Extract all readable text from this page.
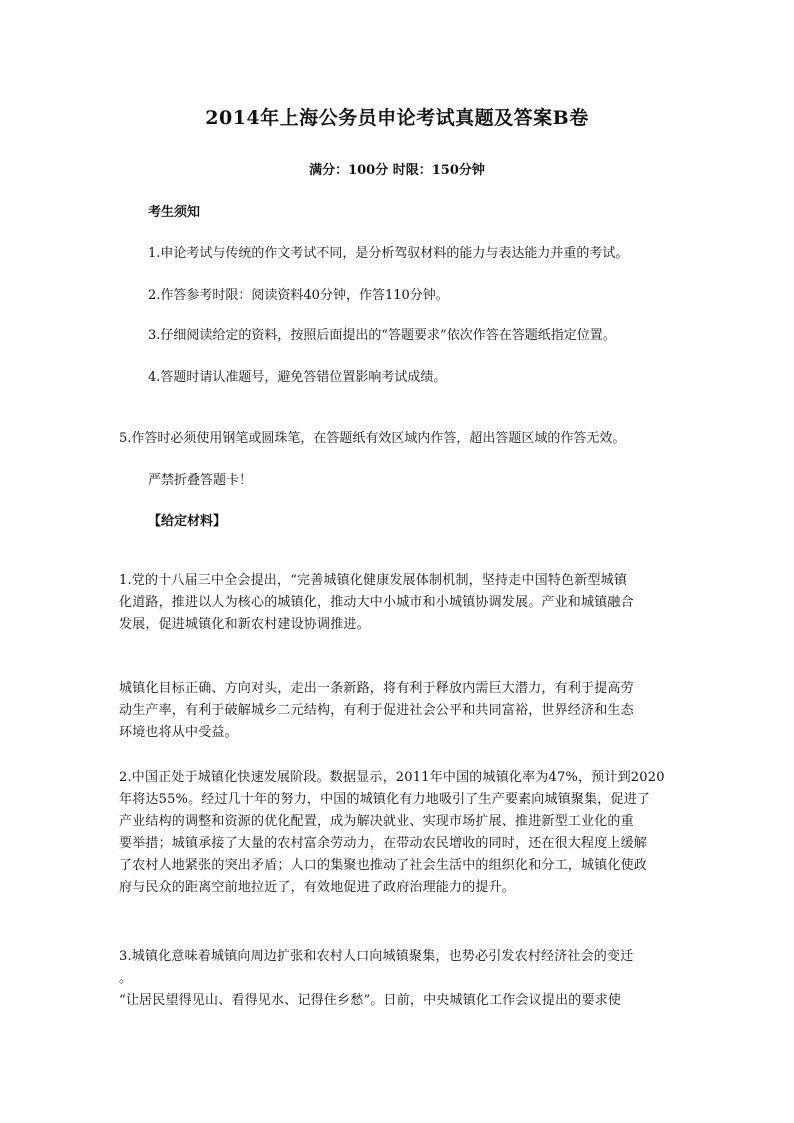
2014年上海公务员申论考试真题及答案B卷
满分：100分 时限：150分钟
考生须知
1.申论考试与传统的作文考试不同，是分析驾驭材料的能力与表达能力并重的考试。
2.作答参考时限：阅读资料40分钟，作答110分钟。
3.仔细阅读给定的资料，按照后面提出的“答题要求”依次作答在答题纸指定位置。
4.答题时请认准题号，避免答错位置影响考试成绩。
5.作答时必须使用钢笔或圆珠笔，在答题纸有效区域内作答，超出答题区域的作答无效。
严禁折叠答题卡！
【给定材料】
1.党的十八届三中全会提出，“完善城镇化健康发展体制机制，坚持走中国特色新型城镇
化道路，推进以人为核心的城镇化，推动大中小城市和小城镇协调发展。产业和城镇融合
发展，促进城镇化和新农村建设协调推进。
城镇化目标正确、方向对头，走出一条新路，将有利于释放内需巨大潜力，有利于提高劳
动生产率，有利于破解城乡二元结构，有利于促进社会公平和共同富裕，世界经济和生态
环境也将从中受益。
2.中国正处于城镇化快速发展阶段。数据显示，2011年中国的城镇化率为47%，预计到2020
年将达55%。经过几十年的努力，中国的城镇化有力地吸引了生产要素向城镇聚集，促进了
产业结构的调整和资源的优化配置，成为解决就业、实现市场扩展、推进新型工业化的重
要举措；城镇承接了大量的农村富余劳动力，在带动农民增收的同时，还在很大程度上缓解
了农村人地紧张的突出矛盾；人口的集聚也推动了社会生活中的组织化和分工，城镇化使政
府与民众的距离空前地拉近了，有效地促进了政府治理能力的提升。
3.城镇化意味着城镇向周边扩张和农村人口向城镇聚集，也势必引发农村经济社会的变迁
。
“让居民望得见山、看得见水、记得住乡愁”。日前，中央城镇化工作会议提出的要求使
